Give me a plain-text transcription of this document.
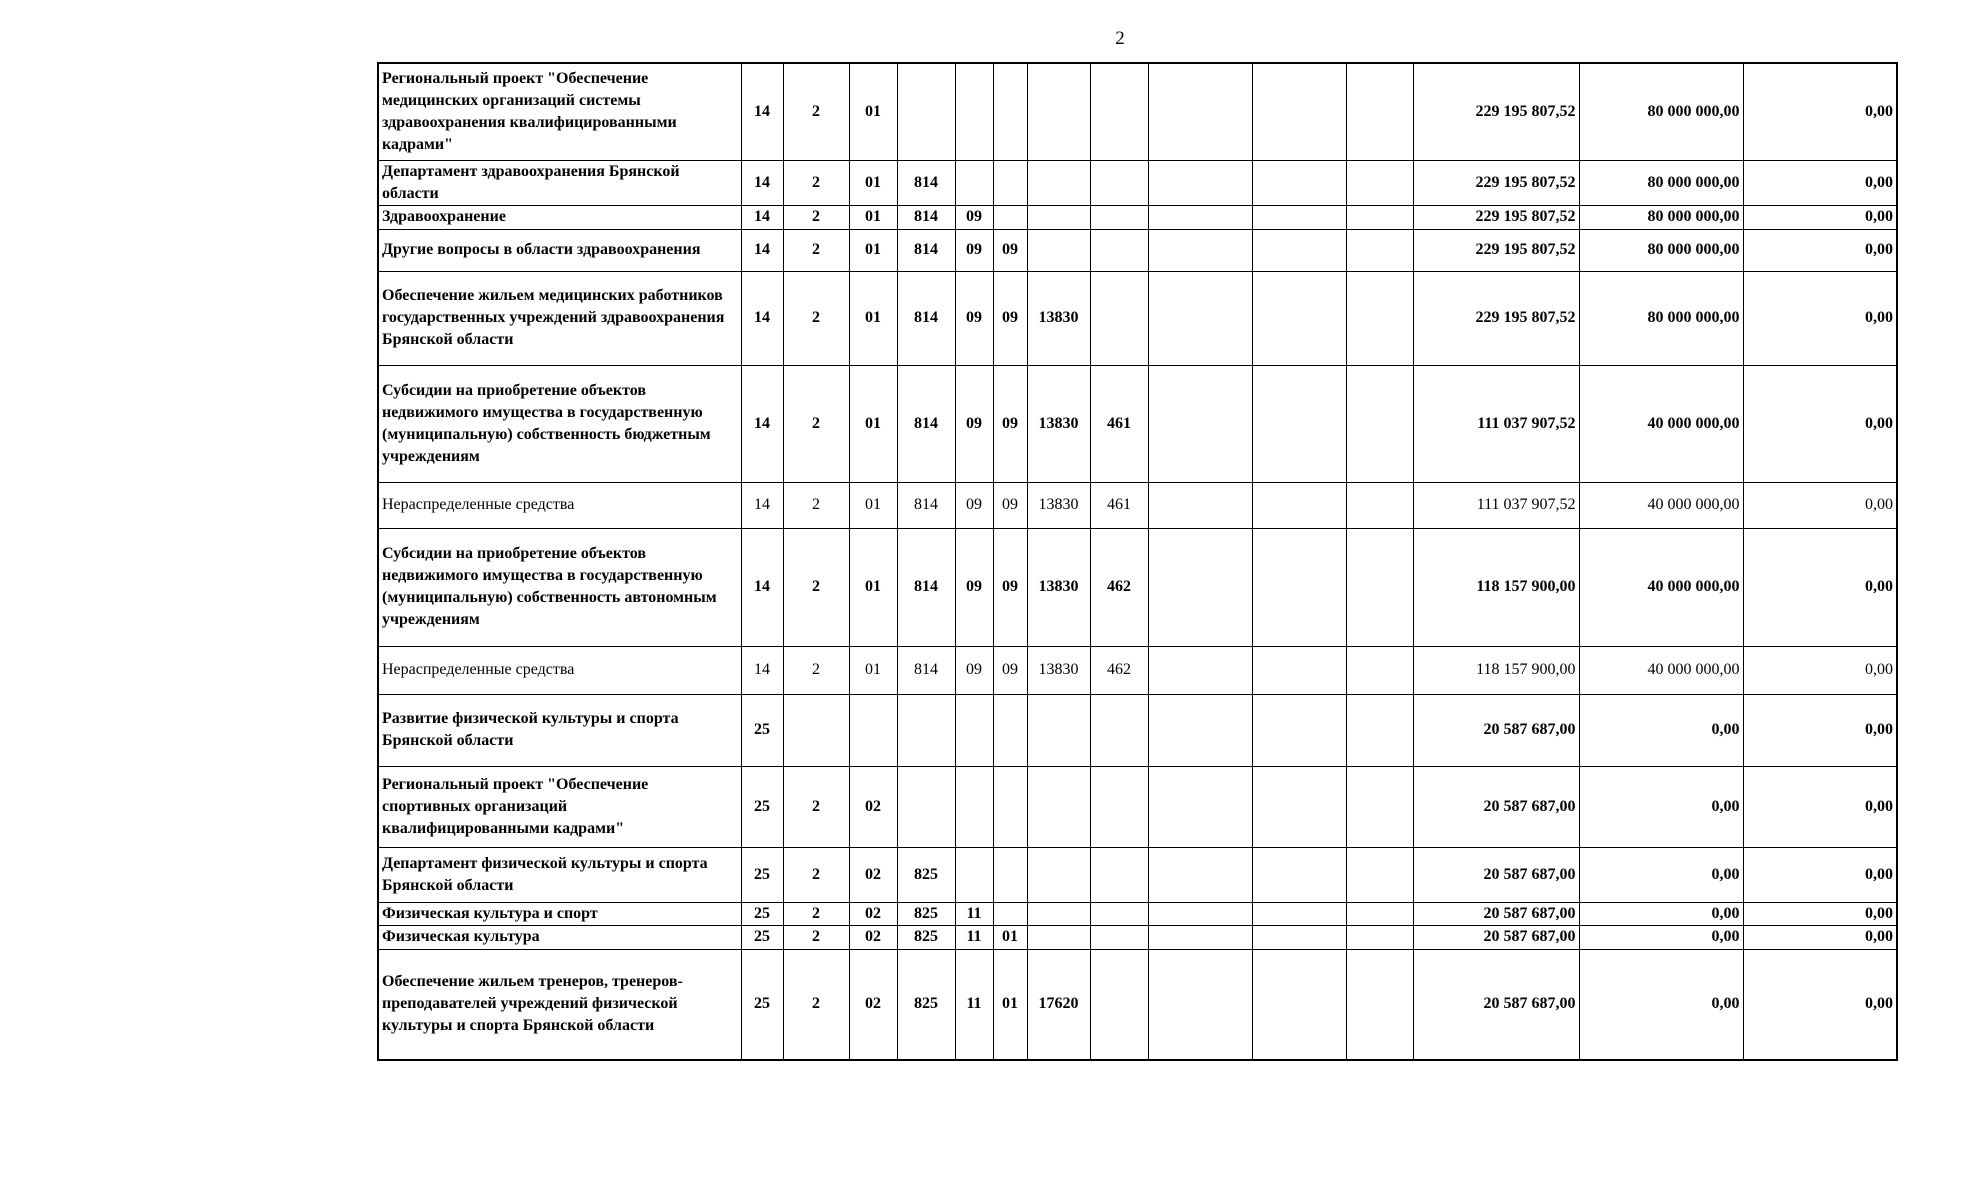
2
Региональный проект "Обеспечение медицинских организаций системы здравоохранения квалифицированными кадрами"	14	2	01									229 195 807,52	80 000 000,00	0,00
Департамент здравоохранения Брянской области	14	2	01	814								229 195 807,52	80 000 000,00	0,00
Здравоохранение	14	2	01	814	09							229 195 807,52	80 000 000,00	0,00
Другие вопросы в области здравоохранения	14	2	01	814	09	09						229 195 807,52	80 000 000,00	0,00
Обеспечение жильем медицинских работников государственных учреждений здравоохранения Брянской области	14	2	01	814	09	09	13830					229 195 807,52	80 000 000,00	0,00
Субсидии на приобретение объектов недвижимого имущества в государственную (муниципальную) собственность бюджетным учреждениям	14	2	01	814	09	09	13830	461				111 037 907,52	40 000 000,00	0,00
Нераспределенные средства	14	2	01	814	09	09	13830	461				111 037 907,52	40 000 000,00	0,00
Субсидии на приобретение объектов недвижимого имущества в государственную (муниципальную) собственность автономным учреждениям	14	2	01	814	09	09	13830	462				118 157 900,00	40 000 000,00	0,00
Нераспределенные средства	14	2	01	814	09	09	13830	462				118 157 900,00	40 000 000,00	0,00
Развитие физической культуры и спорта Брянской области	25											20 587 687,00	0,00	0,00
Региональный проект "Обеспечение спортивных организаций квалифицированными кадрами"	25	2	02									20 587 687,00	0,00	0,00
Департамент физической культуры и спорта Брянской области	25	2	02	825								20 587 687,00	0,00	0,00
Физическая культура и спорт	25	2	02	825	11							20 587 687,00	0,00	0,00
Физическая культура	25	2	02	825	11	01						20 587 687,00	0,00	0,00
Обеспечение жильем тренеров, тренеров-преподавателей учреждений физической культуры и спорта Брянской области	25	2	02	825	11	01	17620					20 587 687,00	0,00	0,00
